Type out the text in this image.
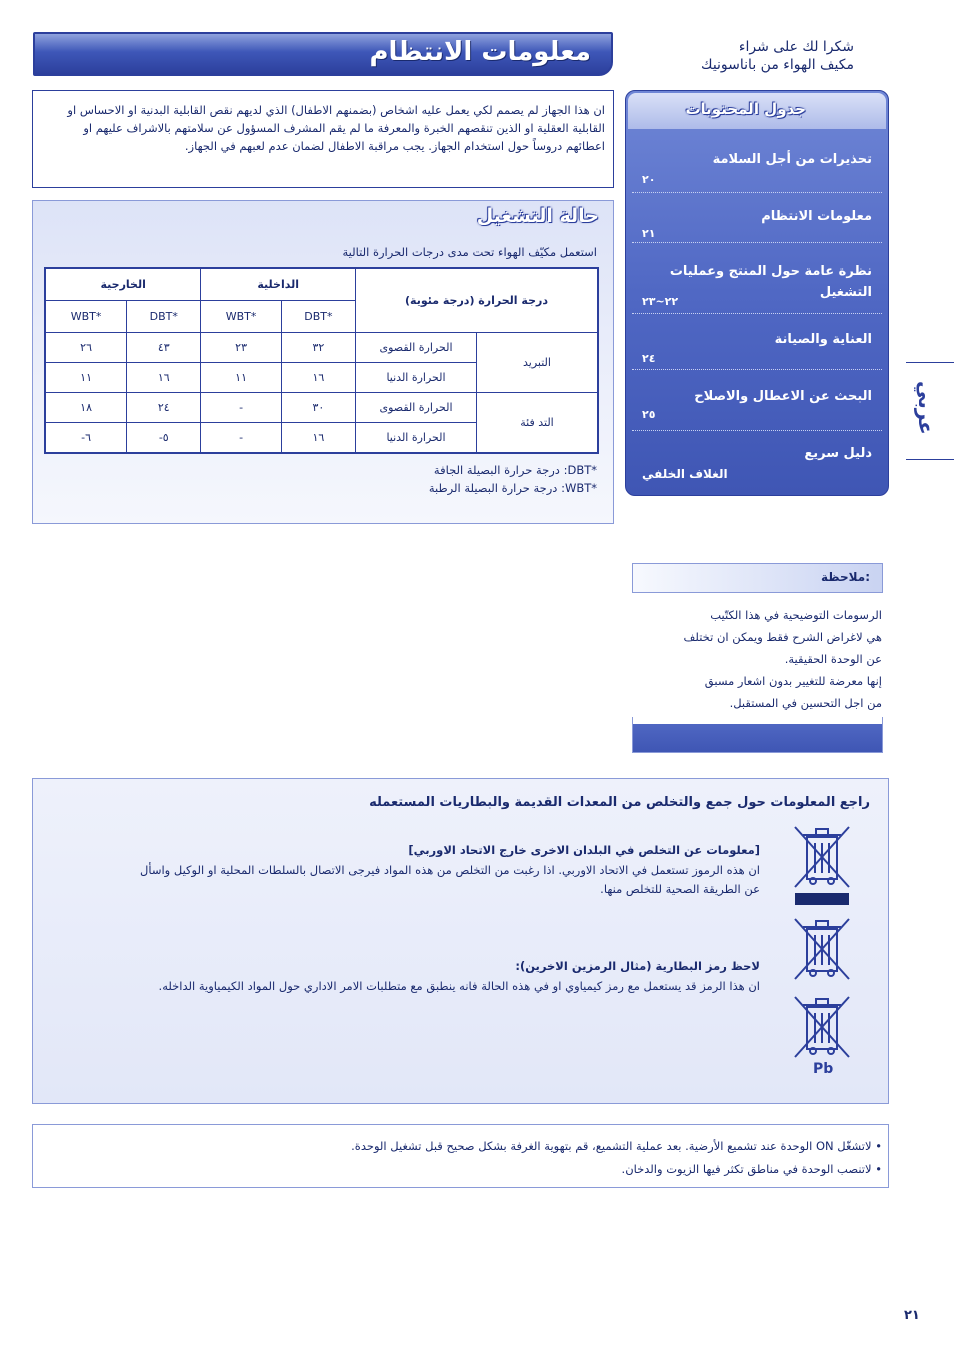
معلومات الانتظام	شكرا لك على شراء
مكيف الهواء من باناسونيك

ان هذا الجهاز لم يصمم لكي يعمل عليه اشخاص (بضمنهم الاطفال) الذي لديهم نقص القابلية البدنية او الاحساس او القابلية العقلية او الذين تنقصهم الخبرة والمعرفة ما لم يقم المشرف المسؤول عن سلامتهم بالاشراف عليهم او اعطائهم دروساً حول استخدام الجهاز. يجب مراقبة الاطفال لضمان عدم لعبهم في الجهاز.

حالة التشغيل
استعمل مكيّف الهواء تحت مدى درجات الحرارة التالية
درجة الحرارة (درجة مئوية)		الداخلية		الخارجية	
		DBT*	WBT*	DBT*	WBT*
التبريد	الحرارة القصوى	٣٢	٢٣	٤٣	٢٦
	الحرارة الدنيا	١٦	١١	١٦	١١
التد فئة	الحرارة القصوى	٣٠	-	٢٤	١٨
	الحرارة الدنيا	١٦	-	-٥	-٦
*DBT: درجة حرارة البصيلة الجافة
*WBT: درجة حرارة البصيلة الرطبة
جدول المحتويات
تحذيرات من أجل السلامة
٢٠
معلومات الانتظام
٢١
نظرة عامة حول المنتج وعمليات التشغيل
٢٢~٢٣
العناية والصيانة
٢٤
البحث عن الاعطال والاصلاح
٢٥
دليل سريع
الغلاف الخلفي
عربي
ملاحظة:
الرسومات التوضيحية في هذا الكتّيب
هي لاغراض الشرح فقط ويمكن ان تختلف
عن الوحدة الحقيقية.
إنها معرضة للتغيير بدون اشعار مسبق
من اجل التحسين في المستقبل.
راجع المعلومات حول جمع والتخلص من المعدات القديمة والبطاريات المستعمله
[معلومات عن التخلص في البلدان الاخرى خارج الاتحاد الاوربي]
ان هذه الرموز تستعمل في الاتحاد الاوربي. اذا رغبت من التخلص من هذه المواد فيرجى الاتصال بالسلطات المحلية او الوكيل واسأل
عن الطريقة الصحية للتخلص منها.
لاحظ رمز البطارية (مثال الرمزين الاخرين):
ان هذا الرمز قد يستعمل مع رمز كيمياوي او في هذه الحالة فانه ينطبق مع متطلبات الامر الاداري حول المواد الكيمياوية الداخله.
Pb
• لاتشغّل ON الوحدة عند تشميع الأرضية. بعد عملية التشميع، قم بتهوية الغرفة بشكل صحيح قبل تشغيل الوحدة.
• لاتنصب الوحدة في مناطق تكثر فيها الزيوت والدخان.
٢١
